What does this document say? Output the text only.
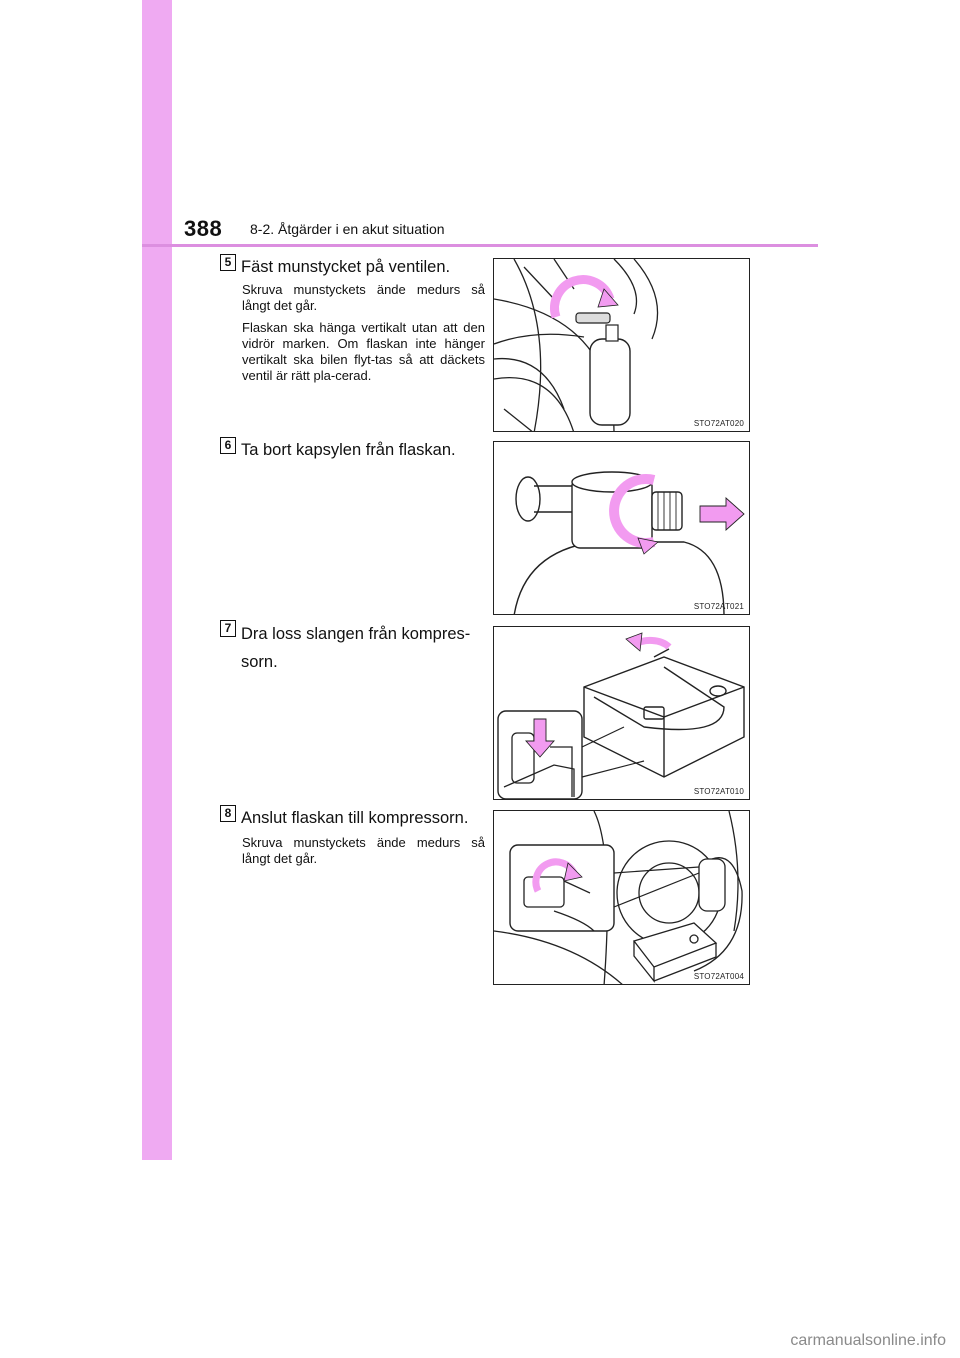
388 8-2. Åtgärder i en akut situation
5 Fäst munstycket på ventilen.

Skruva munstyckets ände medurs så långt det går.

Flaskan ska hänga vertikalt utan att den vidrör marken. Om flaskan inte hänger vertikalt ska bilen flyt-tas så att däckets ventil är rätt pla-cerad.

STO72AT020
6 Ta bort kapsylen från flaskan.
STO72AT021
7 Dra loss slangen från kompres-sorn.
STO72AT010
8 Anslut flaskan till kompressorn.

Skruva munstyckets ände medurs så långt det går.

STO72AT004
carmanualsonline.info
